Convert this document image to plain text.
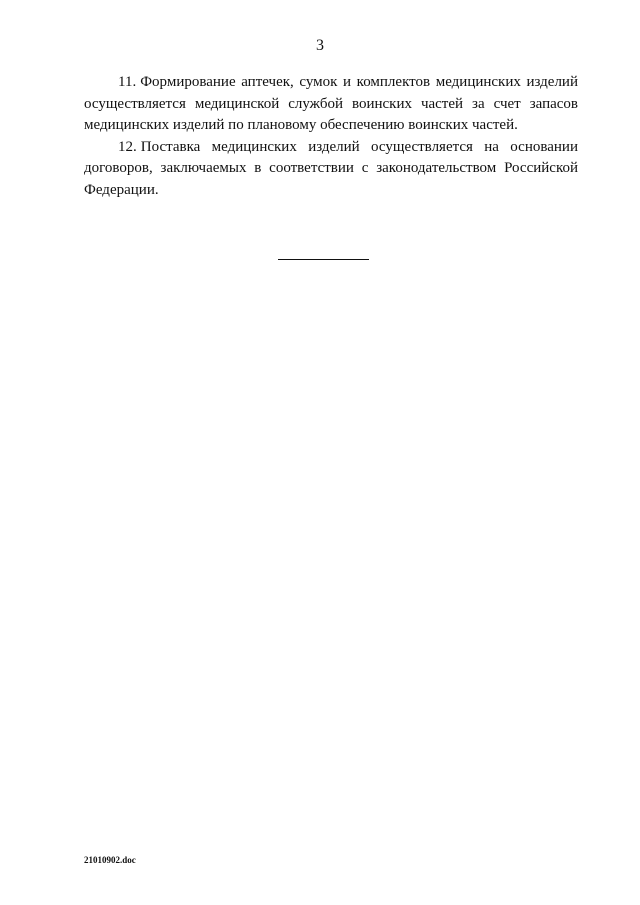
3

11. Формирование аптечек, сумок и комплектов медицинских изделий осуществляется медицинской службой воинских частей за счет запасов медицинских изделий по плановому обеспечению воинских частей.

12. Поставка медицинских изделий осуществляется на основании договоров, заключаемых в соответствии с законодательством Российской Федерации.

21010902.doc
